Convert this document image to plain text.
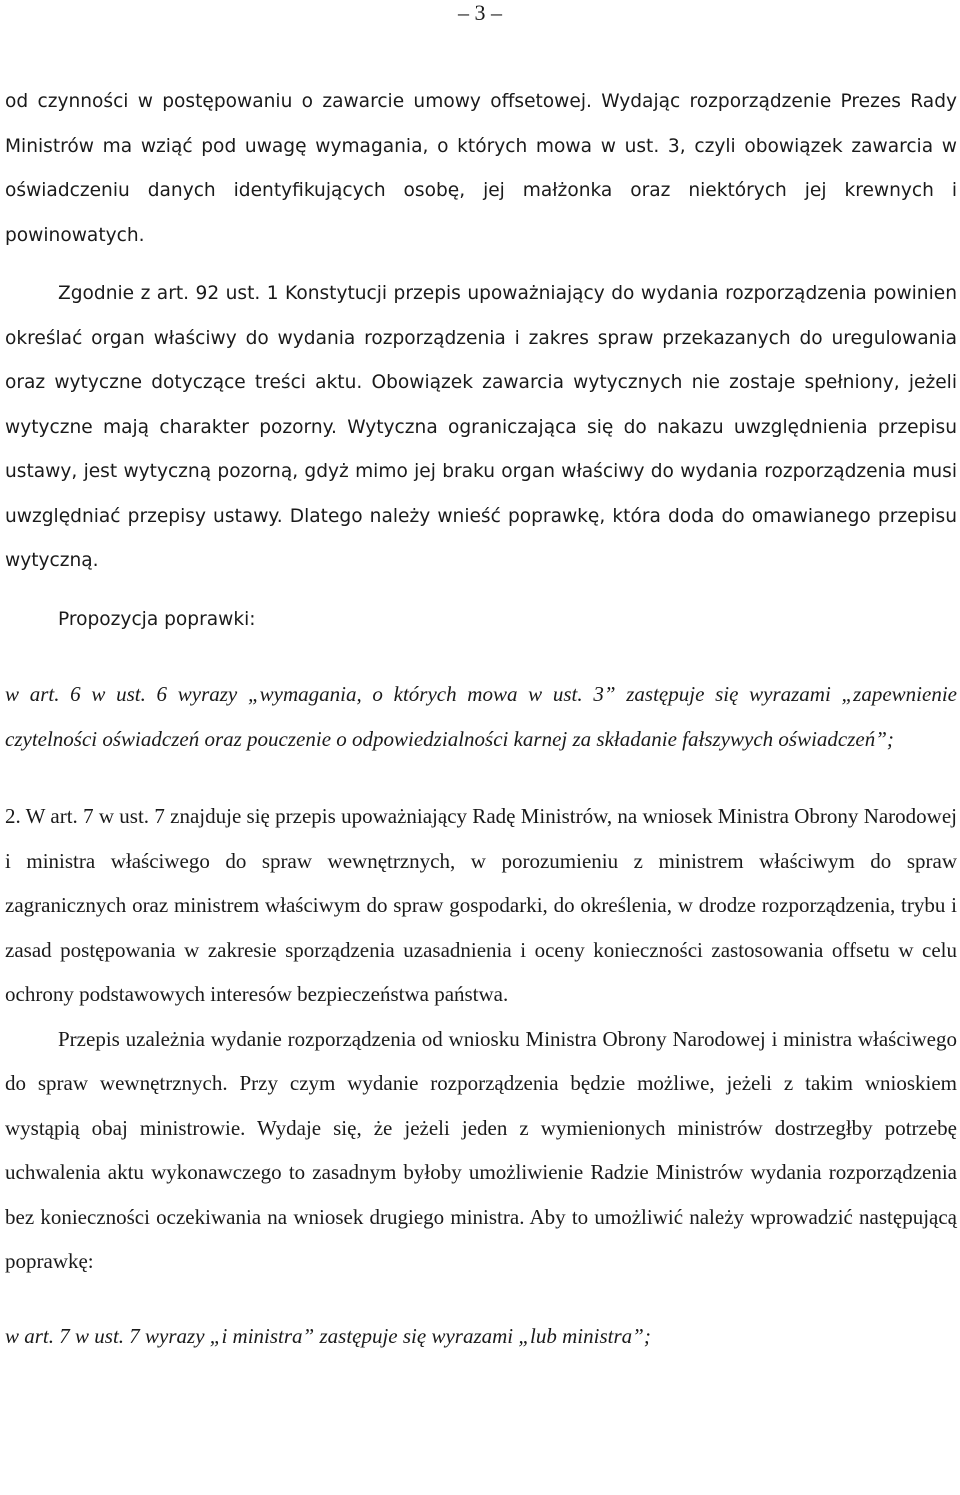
– 3 –

od czynności w postępowaniu o zawarcie umowy offsetowej. Wydając rozporządzenie Prezes Rady Ministrów ma wziąć pod uwagę wymagania, o których mowa w ust. 3, czyli obowiązek zawarcia w oświadczeniu danych identyfikujących osobę, jej małżonka oraz niektórych jej krewnych i powinowatych.

Zgodnie z art. 92 ust. 1 Konstytucji przepis upoważniający do wydania rozporządzenia powinien określać organ właściwy do wydania rozporządzenia i zakres spraw przekazanych do uregulowania oraz wytyczne dotyczące treści aktu. Obowiązek zawarcia wytycznych nie zostaje spełniony, jeżeli wytyczne mają charakter pozorny. Wytyczna ograniczająca się do nakazu uwzględnienia przepisu ustawy, jest wytyczną pozorną, gdyż mimo jej braku organ właściwy do wydania rozporządzenia musi uwzględniać przepisy ustawy. Dlatego należy wnieść poprawkę, która doda do omawianego przepisu wytyczną.

Propozycja poprawki:

w art. 6 w ust. 6 wyrazy „wymagania, o których mowa w ust. 3” zastępuje się wyrazami „zapewnienie czytelności oświadczeń oraz pouczenie o odpowiedzialności karnej za składanie fałszywych oświadczeń”;

2. W art. 7 w ust. 7 znajduje się przepis upoważniający Radę Ministrów, na wniosek Ministra Obrony Narodowej i ministra właściwego do spraw wewnętrznych, w porozumieniu z ministrem właściwym do spraw zagranicznych oraz ministrem właściwym do spraw gospodarki, do określenia, w drodze rozporządzenia, trybu i zasad postępowania w zakresie sporządzenia uzasadnienia i oceny konieczności zastosowania offsetu w celu ochrony podstawowych interesów bezpieczeństwa państwa.

Przepis uzależnia wydanie rozporządzenia od wniosku Ministra Obrony Narodowej i ministra właściwego do spraw wewnętrznych. Przy czym wydanie rozporządzenia będzie możliwe, jeżeli z takim wnioskiem wystąpią obaj ministrowie. Wydaje się, że jeżeli jeden z wymienionych ministrów dostrzegłby potrzebę uchwalenia aktu wykonawczego to zasadnym byłoby umożliwienie Radzie Ministrów wydania rozporządzenia bez konieczności oczekiwania na wniosek drugiego ministra. Aby to umożliwić należy wprowadzić następującą poprawkę:

w art. 7 w ust. 7 wyrazy „i ministra” zastępuje się wyrazami „lub ministra”;
